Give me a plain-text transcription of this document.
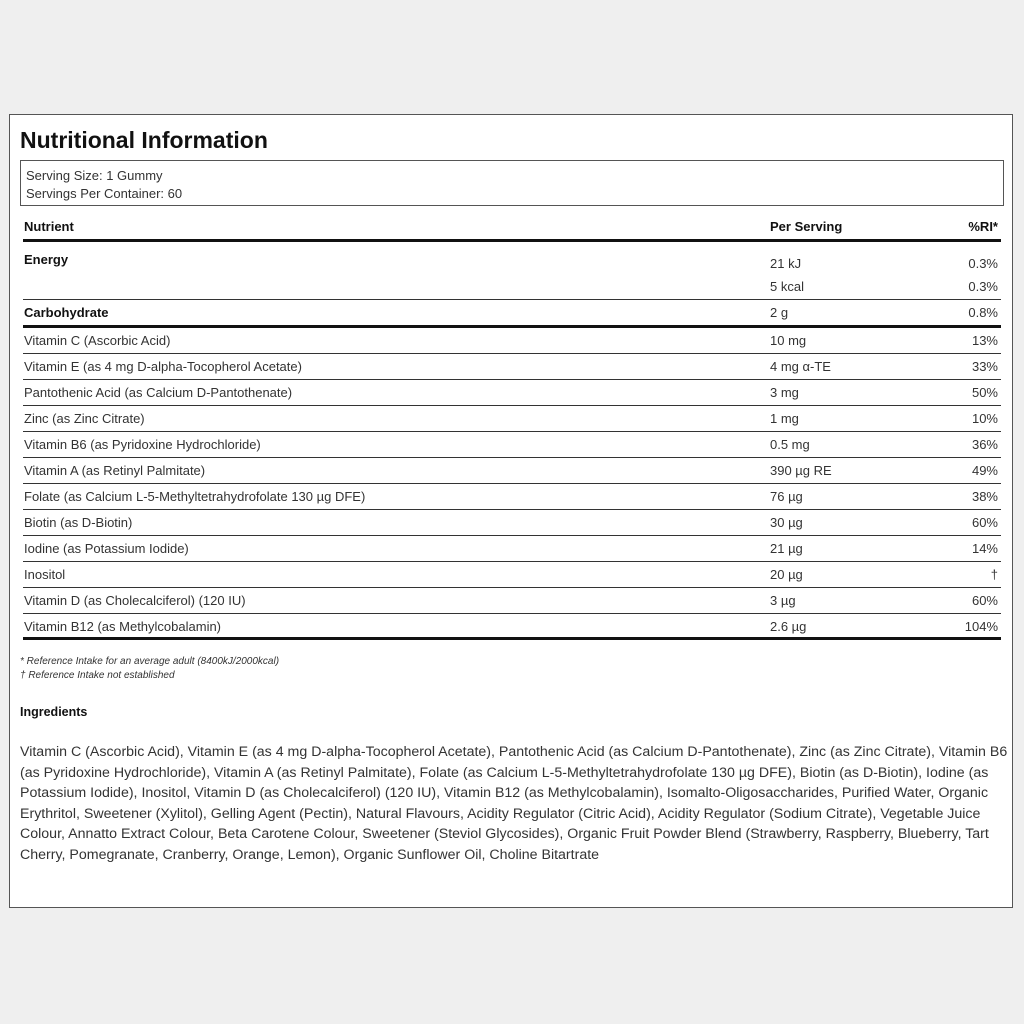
Nutritional Information
Serving Size: 1 Gummy
Servings Per Container: 60
Nutrient	Per Serving	%RI*
Energy	21 kJ	0.3%
5 kcal	0.3%
Carbohydrate	2 g	0.8%
Vitamin C (Ascorbic Acid)	10 mg	13%
Vitamin E (as 4 mg D-alpha-Tocopherol Acetate)	4 mg α-TE	33%
Pantothenic Acid (as Calcium D-Pantothenate)	3 mg	50%
Zinc (as Zinc Citrate)	1 mg	10%
Vitamin B6 (as Pyridoxine Hydrochloride)	0.5 mg	36%
Vitamin A (as Retinyl Palmitate)	390 µg RE	49%
Folate (as Calcium L-5-Methyltetrahydrofolate 130 µg DFE)	76 µg	38%
Biotin (as D-Biotin)	30 µg	60%
Iodine (as Potassium Iodide)	21 µg	14%
Inositol	20 µg	†
Vitamin D (as Cholecalciferol) (120 IU)	3 µg	60%
Vitamin B12 (as Methylcobalamin)	2.6 µg	104%
* Reference Intake for an average adult (8400kJ/2000kcal)
† Reference Intake not established
Ingredients
Vitamin C (Ascorbic Acid), Vitamin E (as 4 mg D-alpha-Tocopherol Acetate), Pantothenic Acid (as Calcium D-Pantothenate), Zinc (as Zinc Citrate), Vitamin B6 (as Pyridoxine Hydrochloride), Vitamin A (as Retinyl Palmitate), Folate (as Calcium L-5-Methyltetrahydrofolate 130 µg DFE), Biotin (as D-Biotin), Iodine (as Potassium Iodide), Inositol, Vitamin D (as Cholecalciferol) (120 IU), Vitamin B12 (as Methylcobalamin), Isomalto-Oligosaccharides, Purified Water, Organic Erythritol, Sweetener (Xylitol), Gelling Agent (Pectin), Natural Flavours, Acidity Regulator (Citric Acid), Acidity Regulator (Sodium Citrate), Vegetable Juice Colour, Annatto Extract Colour, Beta Carotene Colour, Sweetener (Steviol Glycosides), Organic Fruit Powder Blend (Strawberry, Raspberry, Blueberry, Tart Cherry, Pomegranate, Cranberry, Orange, Lemon), Organic Sunflower Oil, Choline Bitartrate
